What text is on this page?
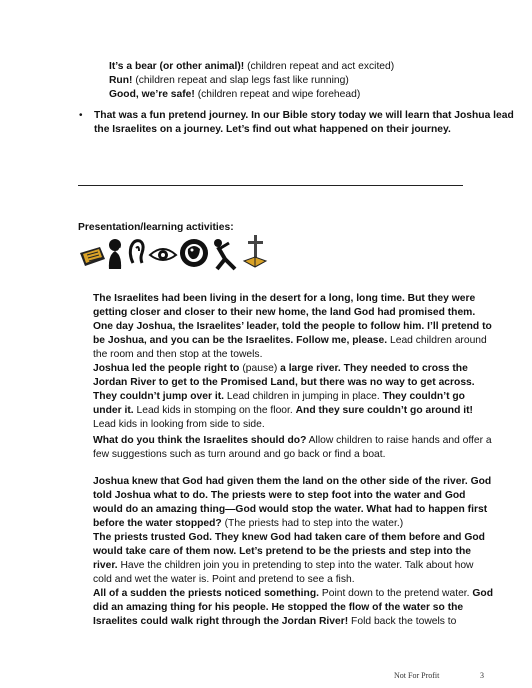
It’s a bear (or other animal)! (children repeat and act excited)
Run! (children repeat and slap legs fast like running)
Good, we’re safe! (children repeat and wipe forehead)
• That was a fun pretend journey. In our Bible story today we will learn that Joshua lead the Israelites on a journey. Let’s find out what happened on their journey.
Presentation/learning activities:
The Israelites had been living in the desert for a long, long time. But they were getting closer and closer to their new home, the land God had promised them. One day Joshua, the Israelites’ leader, told the people to follow him. I’ll pretend to be Joshua, and you can be the Israelites. Follow me, please. Lead children around the room and then stop at the towels.
Joshua led the people right to (pause) a large river. They needed to cross the Jordan River to get to the Promised Land, but there was no way to get across. They couldn’t jump over it. Lead children in jumping in place. They couldn’t go under it. Lead kids in stomping on the floor. And they sure couldn’t go around it! Lead kids in looking from side to side.
What do you think the Israelites should do? Allow children to raise hands and offer a few suggestions such as turn around and go back or find a boat.
Joshua knew that God had given them the land on the other side of the river. God told Joshua what to do. The priests were to step foot into the water and God would do an amazing thing—God would stop the water. What had to happen first before the water stopped? (The priests had to step into the water.)
The priests trusted God. They knew God had taken care of them before and God would take care of them now. Let’s pretend to be the priests and step into the river. Have the children join you in pretending to step into the water. Talk about how cold and wet the water is. Point and pretend to see a fish.
All of a sudden the priests noticed something. Point down to the pretend water. God did an amazing thing for his people. He stopped the flow of the water so the Israelites could walk right through the Jordan River! Fold back the towels to
Not For Profit	3
